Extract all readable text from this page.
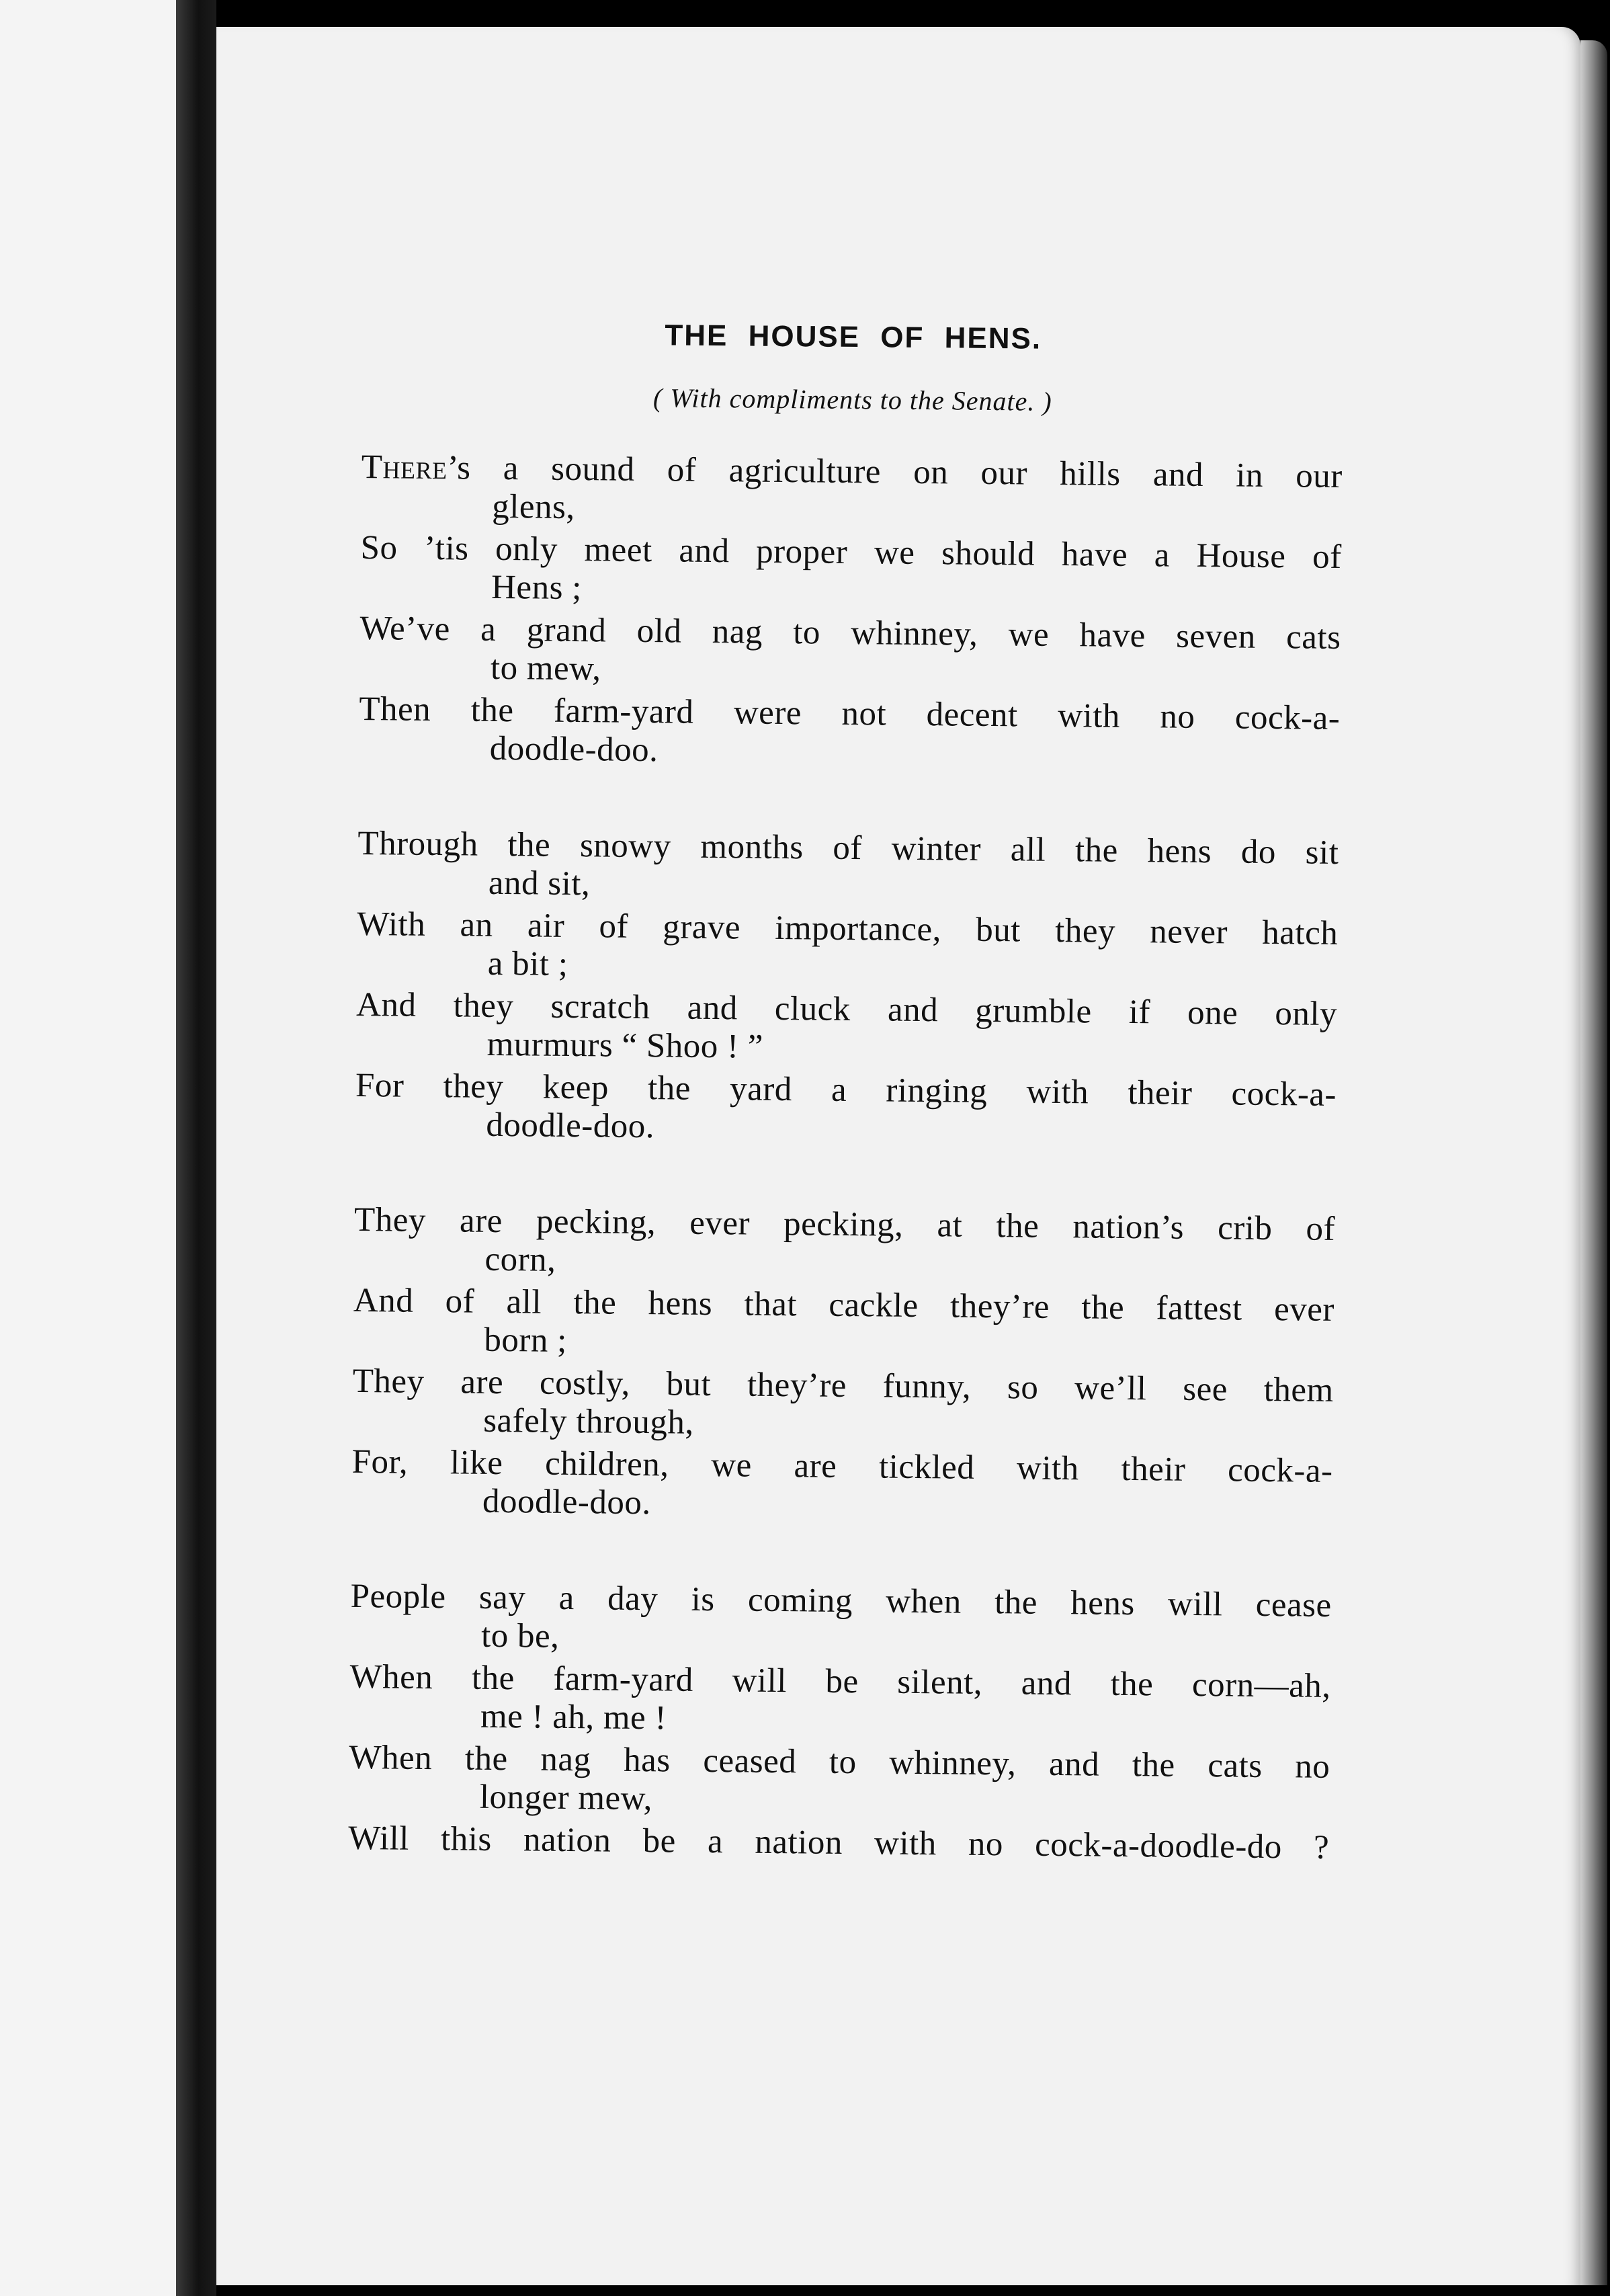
THE HOUSE OF HENS.
( With compliments to the Senate. )
There’s a sound of agriculture on our hills and in our
glens,
So ’tis only meet and proper we should have a House of
Hens ;
We’ve a grand old nag to whinney, we have seven cats
to mew,
Then the farm-yard were not decent with no cock-a-
doodle-doo.
Through the snowy months of winter all the hens do sit
and sit,
With an air of grave importance, but they never hatch
a bit ;
And they scratch and cluck and grumble if one only
murmurs “ Shoo ! ”
For they keep the yard a ringing with their cock-a-
doodle-doo.
They are pecking, ever pecking, at the nation’s crib of
corn,
And of all the hens that cackle they’re the fattest ever
born ;
They are costly, but they’re funny, so we’ll see them
safely through,
For, like children, we are tickled with their cock-a-
doodle-doo.
People say a day is coming when the hens will cease
to be,
When the farm-yard will be silent, and the corn—ah,
me ! ah, me !
When the nag has ceased to whinney, and the cats no
longer mew,
Will this nation be a nation with no cock-a-doodle-do ?
